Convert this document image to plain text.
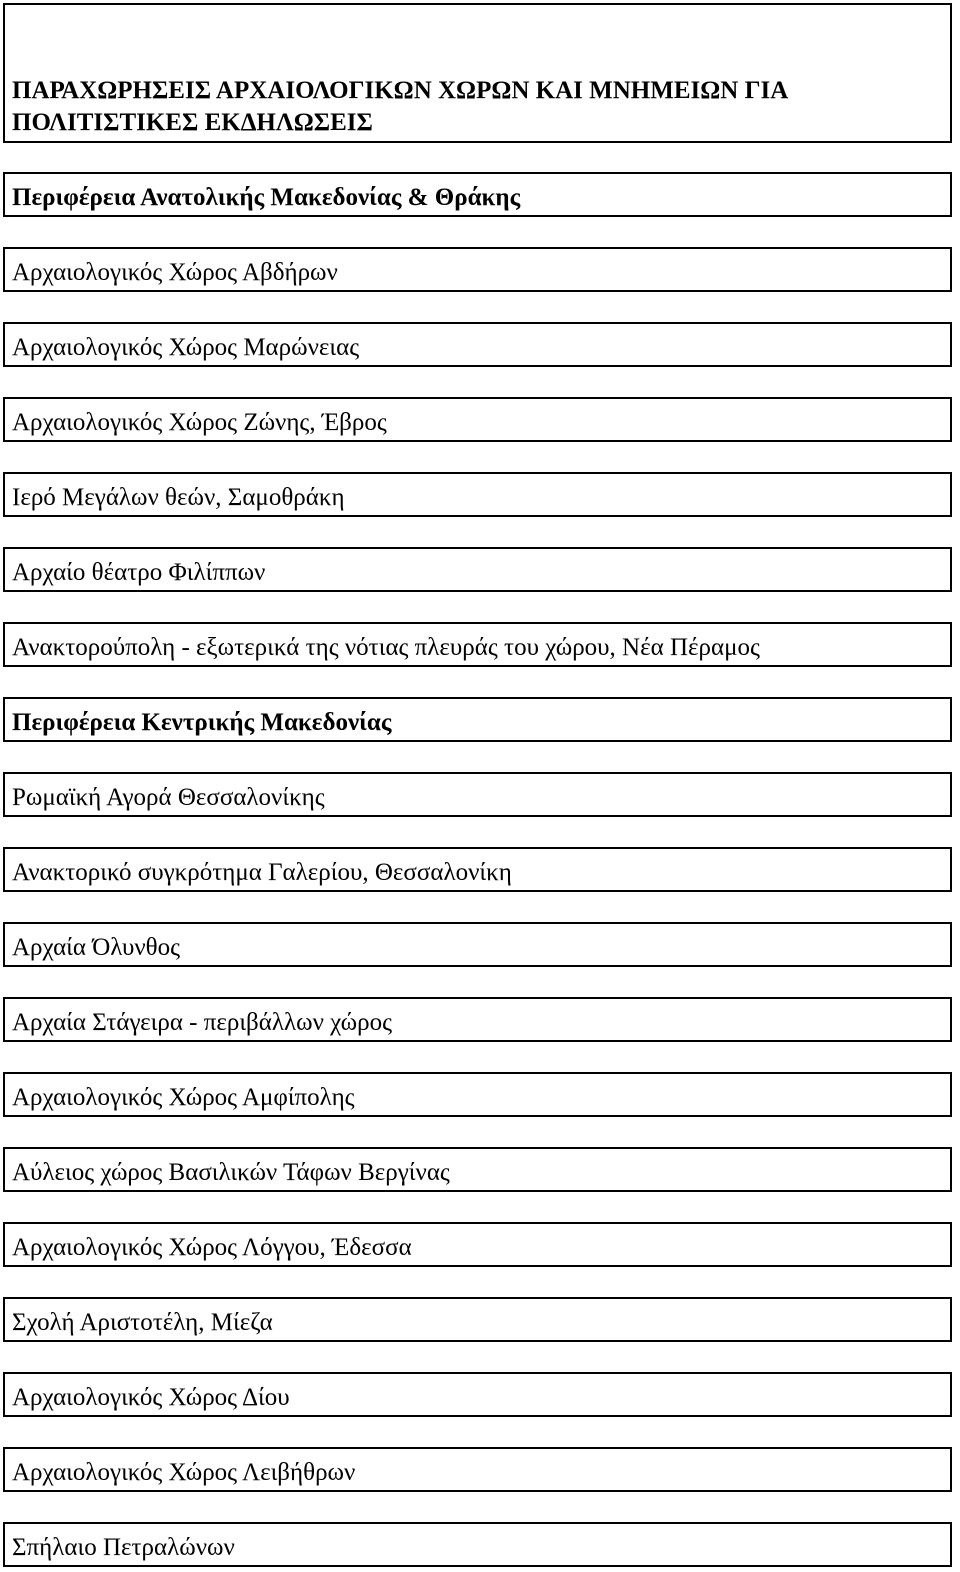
ΠΑΡΑΧΩΡΗΣΕΙΣ ΑΡΧΑΙΟΛΟΓΙΚΩΝ ΧΩΡΩΝ ΚΑΙ ΜΝΗΜΕΙΩΝ ΓΙΑ
ΠΟΛΙΤΙΣΤΙΚΕΣ ΕΚΔΗΛΩΣΕΙΣ

Περιφέρεια Ανατολικής Μακεδονίας & Θράκης
Αρχαιολογικός Χώρος Αβδήρων
Αρχαιολογικός Χώρος Μαρώνειας
Αρχαιολογικός Χώρος Ζώνης, Έβρος
Ιερό Μεγάλων θεών, Σαμοθράκη
Αρχαίο θέατρο Φιλίππων
Ανακτορούπολη - εξωτερικά της νότιας πλευράς του χώρου, Νέα Πέραμος
Περιφέρεια Κεντρικής Μακεδονίας
Ρωμαϊκή Αγορά Θεσσαλονίκης
Ανακτορικό συγκρότημα Γαλερίου, Θεσσαλονίκη
Αρχαία Όλυνθος
Αρχαία Στάγειρα - περιβάλλων χώρος
Αρχαιολογικός Χώρος Αμφίπολης
Αύλειος χώρος Βασιλικών Τάφων Βεργίνας
Αρχαιολογικός Χώρος Λόγγου, Έδεσσα
Σχολή Αριστοτέλη, Μίεζα
Αρχαιολογικός Χώρος Δίου
Αρχαιολογικός Χώρος Λειβήθρων
Σπήλαιο Πετραλώνων
